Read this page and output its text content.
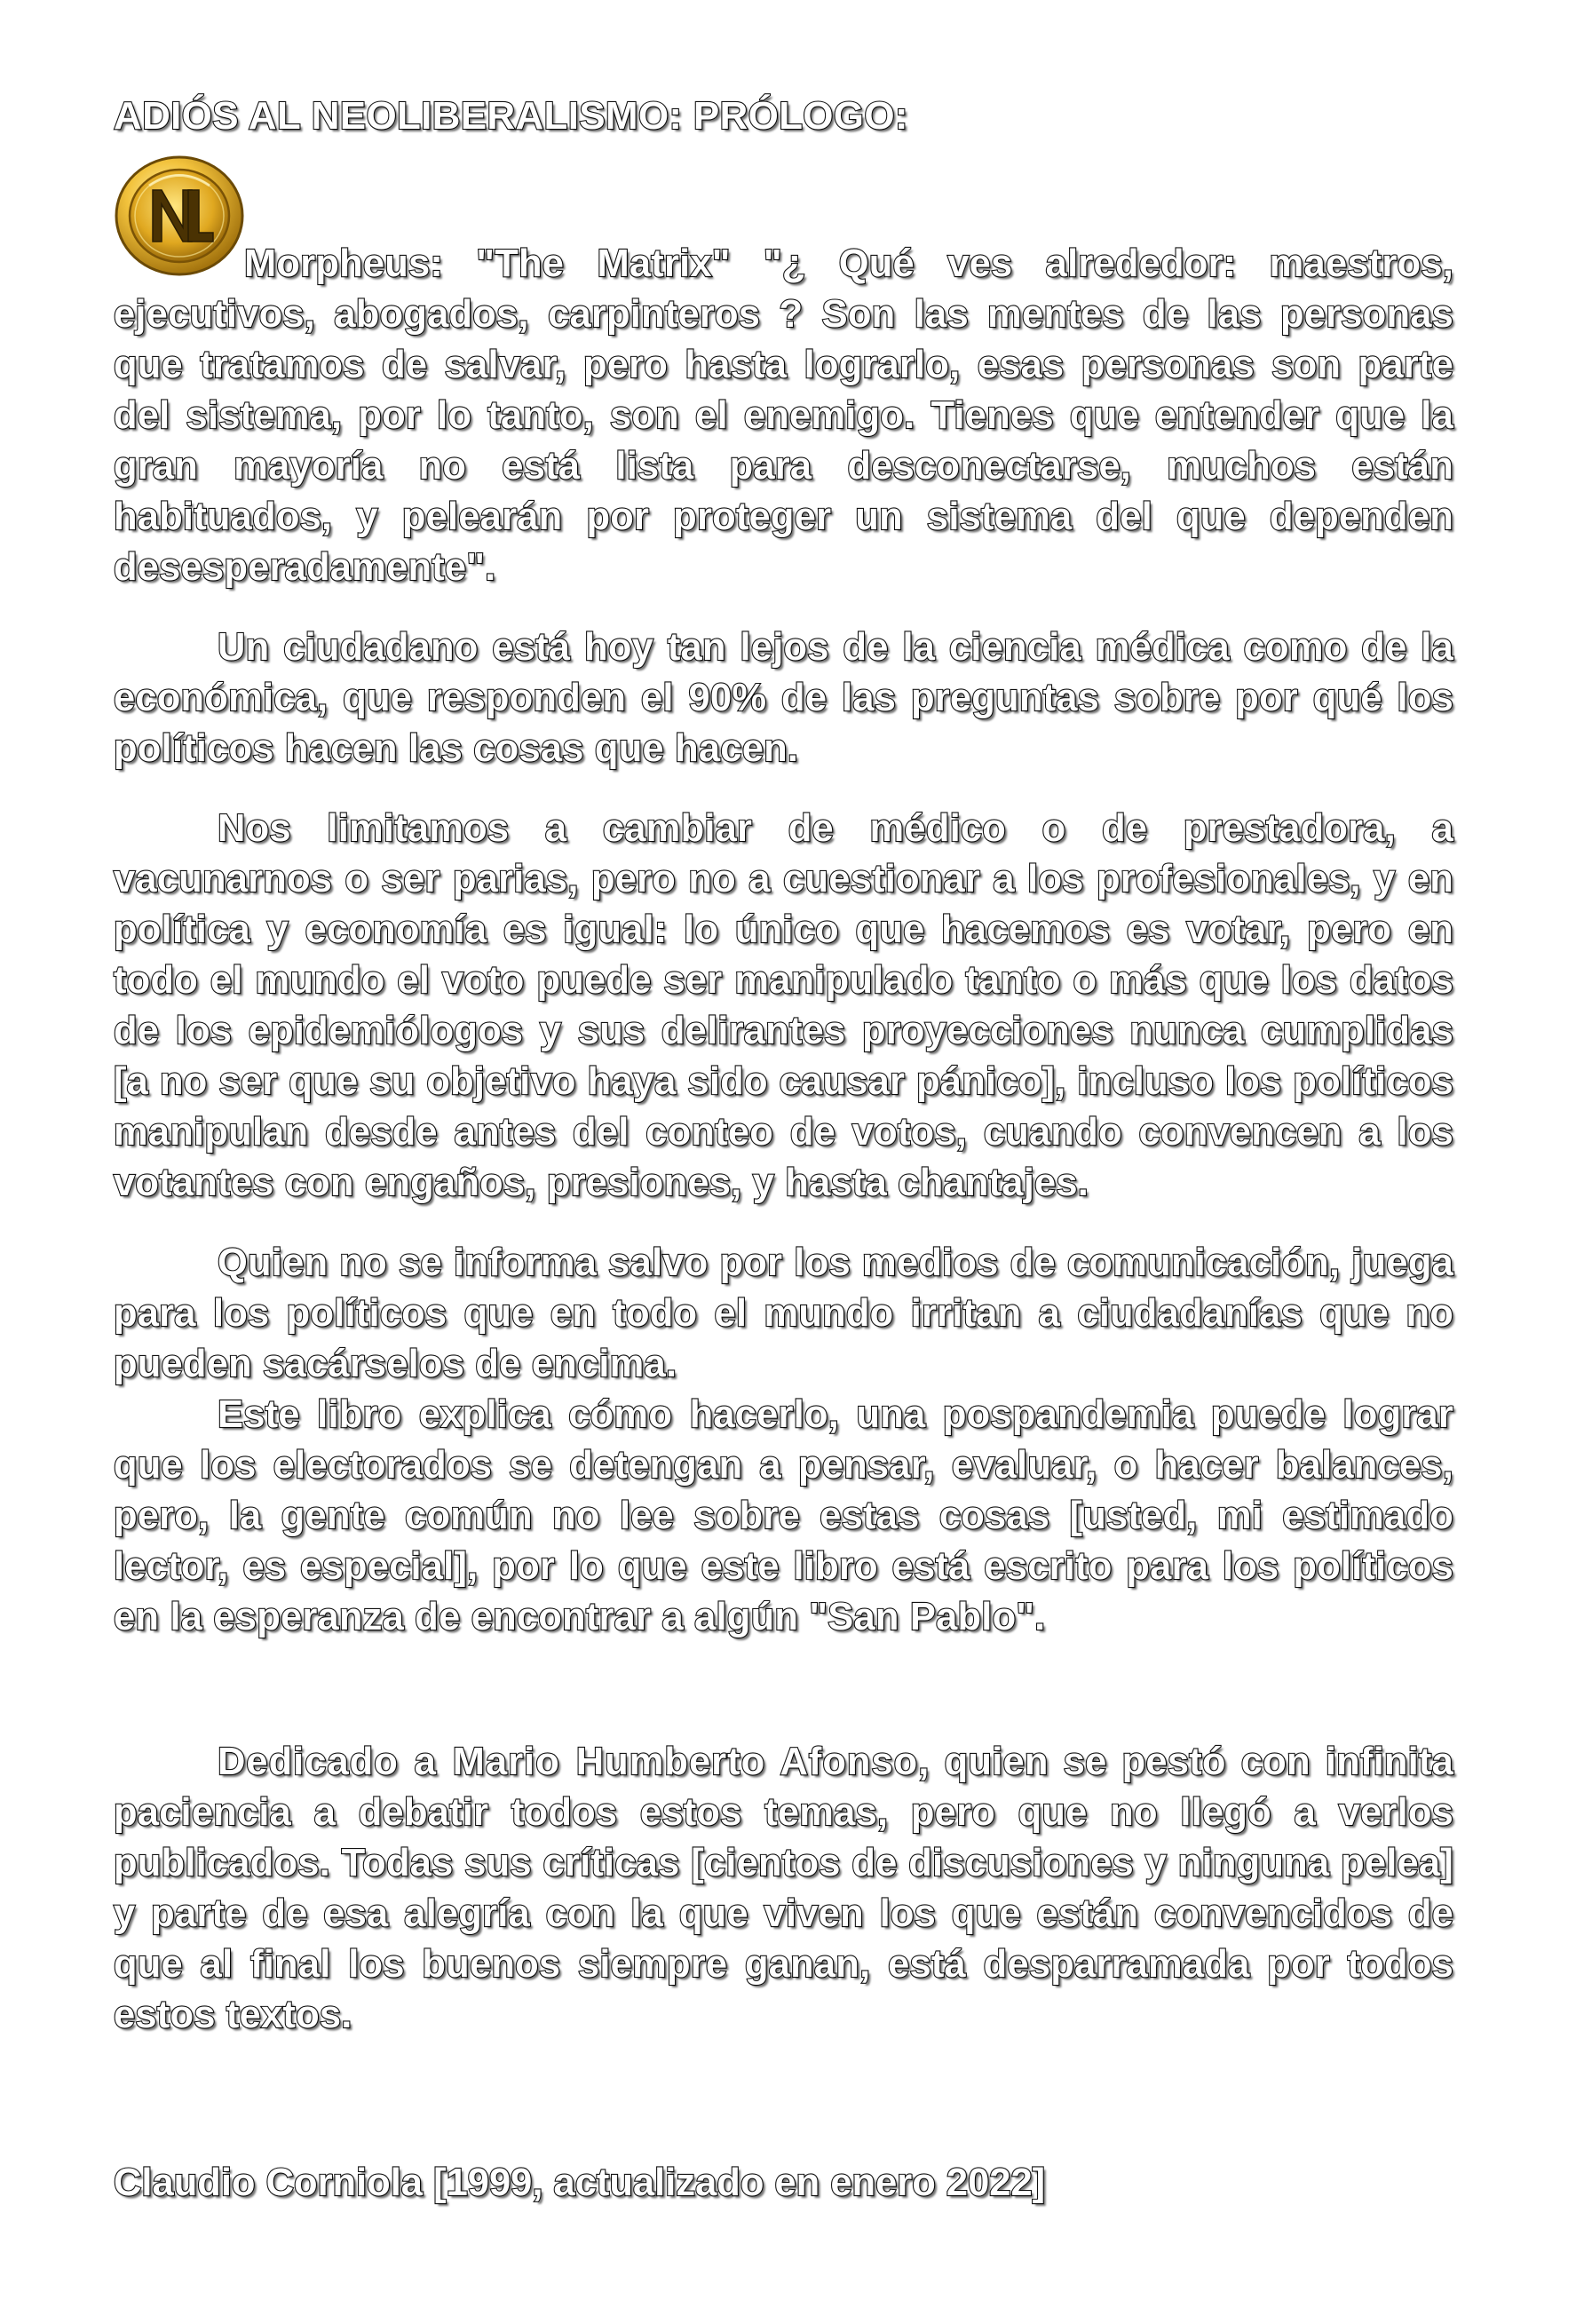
ADIÓS AL NEOLIBERALISMO: PRÓLOGO:

Morpheus: "The Matrix" "¿ Qué ves alrededor: maestros, ejecutivos, abogados, carpinteros ? Son las mentes de las personas que tratamos de salvar, pero hasta lograrlo, esas personas son parte del sistema, por lo tanto, son el enemigo. Tienes que entender que la gran mayoría no está lista para desconectarse, muchos están habituados, y pelearán por proteger un sistema del que dependen desesperadamente".

Un ciudadano está hoy tan lejos de la ciencia médica como de la económica, que responden el 90% de las preguntas sobre por qué los políticos hacen las cosas que hacen.

Nos limitamos a cambiar de médico o de prestadora, a vacunarnos o ser parias, pero no a cuestionar a los profesionales, y en política y economía es igual: lo único que hacemos es votar, pero en todo el mundo el voto puede ser manipulado tanto o más que los datos de los epidemiólogos y sus delirantes proyecciones nunca cumplidas [a no ser que su objetivo haya sido causar pánico], incluso los políticos manipulan desde antes del conteo de votos, cuando convencen a los votantes con engaños, presiones, y hasta chantajes.

Quien no se informa salvo por los medios de comunicación, juega para los políticos que en todo el mundo irritan a ciudadanías que no pueden sacárselos de encima.

Este libro explica cómo hacerlo, una pospandemia puede lograr que los electorados se detengan a pensar, evaluar, o hacer balances, pero, la gente común no lee sobre estas cosas [usted, mi estimado lector, es especial], por lo que este libro está escrito para los políticos en la esperanza de encontrar a algún "San Pablo".

Dedicado a Mario Humberto Afonso, quien se pestó con infinita paciencia a debatir todos estos temas, pero que no llegó a verlos publicados. Todas sus críticas [cientos de discusiones y ninguna pelea] y parte de esa alegría con la que viven los que están convencidos de que al final los buenos siempre ganan, está desparramada por todos estos textos.

Claudio Corniola [1999, actualizado en enero 2022]
